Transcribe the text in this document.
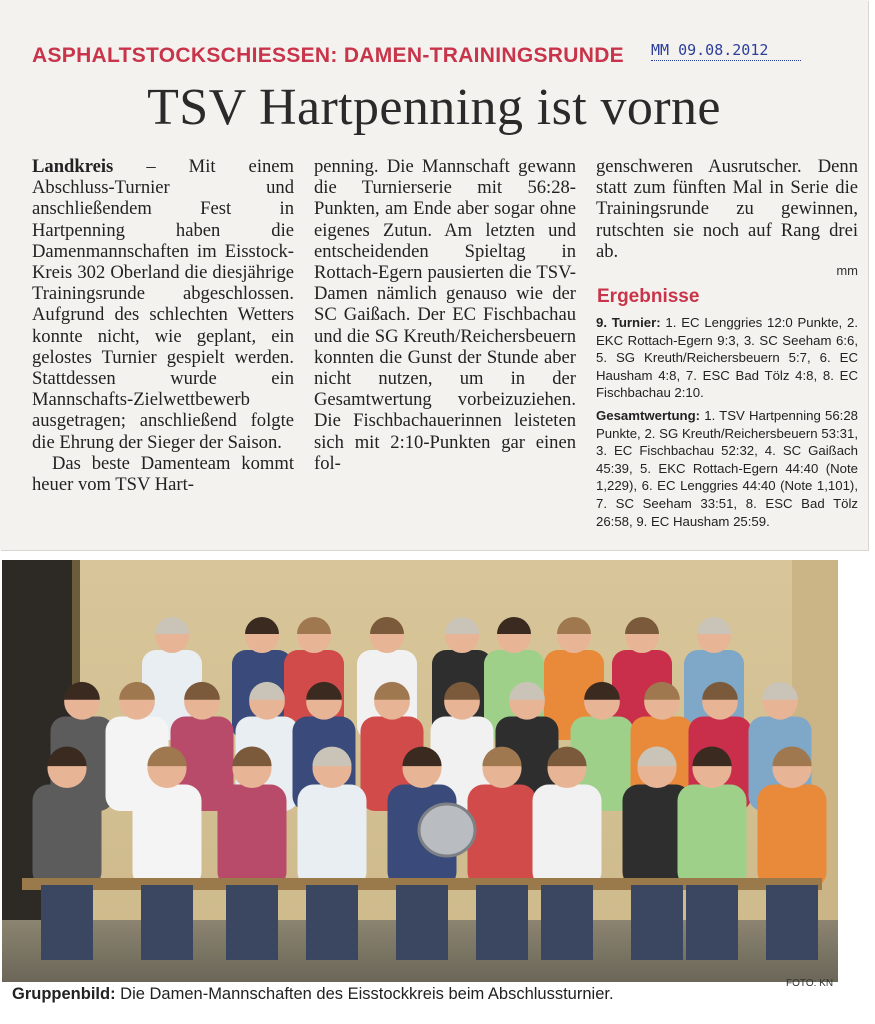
ASPHALTSTOCKSCHIESSEN: DAMEN-TRAININGSRUNDE MM 09.08.2012
TSV Hartpenning ist vorne

Landkreis – Mit einem Abschluss-Turnier und anschließendem Fest in Hartpenning haben die Damenmannschaften im Eisstock-Kreis 302 Oberland die diesjährige Trainingsrunde abgeschlossen. Aufgrund des schlechten Wetters konnte nicht, wie geplant, ein gelostes Turnier gespielt werden. Stattdessen wurde ein Mannschafts-Zielwettbewerb ausgetragen; anschließend folgte die Ehrung der Sieger der Saison.

Das beste Damenteam kommt heuer vom TSV Hart-

penning. Die Mannschaft gewann die Turnierserie mit 56:28-Punkten, am Ende aber sogar ohne eigenes Zutun. Am letzten und entscheidenden Spieltag in Rottach-Egern pausierten die TSV-Damen nämlich genauso wie der SC Gaißach. Der EC Fischbachau und die SG Kreuth/Reichersbeuern konnten die Gunst der Stunde aber nicht nutzen, um in der Gesamtwertung vorbeizuziehen. Die Fischbachauerinnen leisteten sich mit 2:10-Punkten gar einen fol-

genschweren Ausrutscher. Denn statt zum fünften Mal in Serie die Trainingsrunde zu gewinnen, rutschten sie noch auf Rang drei ab.

mm
Ergebnisse

9. Turnier: 1. EC Lenggries 12:0 Punkte, 2. EKC Rottach-Egern 9:3, 3. SC Seeham 6:6, 5. SG Kreuth/Reichersbeuern 5:7, 6. EC Hausham 4:8, 7. ESC Bad Tölz 4:8, 8. EC Fischbachau 2:10.

Gesamtwertung: 1. TSV Hartpenning 56:28 Punkte, 2. SG Kreuth/Reichersbeuern 53:31, 3. EC Fischbachau 52:32, 4. SC Gaißach 45:39, 5. EKC Rottach-Egern 44:40 (Note 1,229), 6. EC Lenggries 44:40 (Note 1,101), 7. SC Seeham 33:51, 8. ESC Bad Tölz 26:58, 9. EC Hausham 25:59.

Gruppenbild: Die Damen-Mannschaften des Eisstockkreis beim Abschlussturnier.
FOTO: KN
